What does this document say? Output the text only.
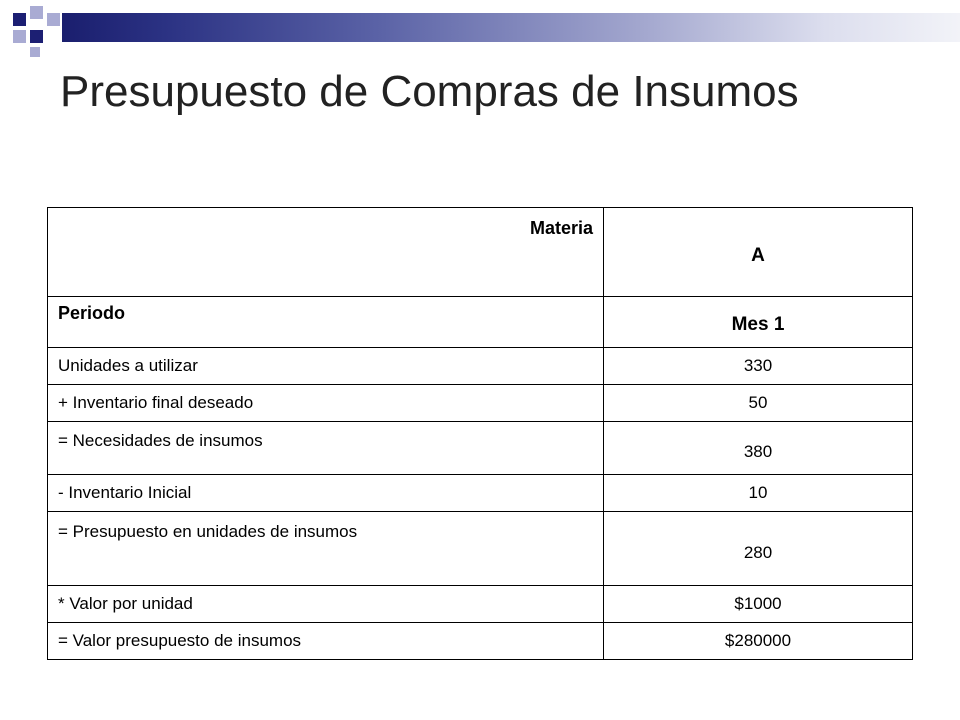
Presupuesto de Compras de Insumos
Materia	A
Periodo	Mes 1
Unidades a utilizar	330
+ Inventario final deseado	50
= Necesidades de insumos	380
- Inventario Inicial	10
= Presupuesto en unidades de insumos	280
* Valor por unidad	$1000
= Valor presupuesto de insumos	$280000
